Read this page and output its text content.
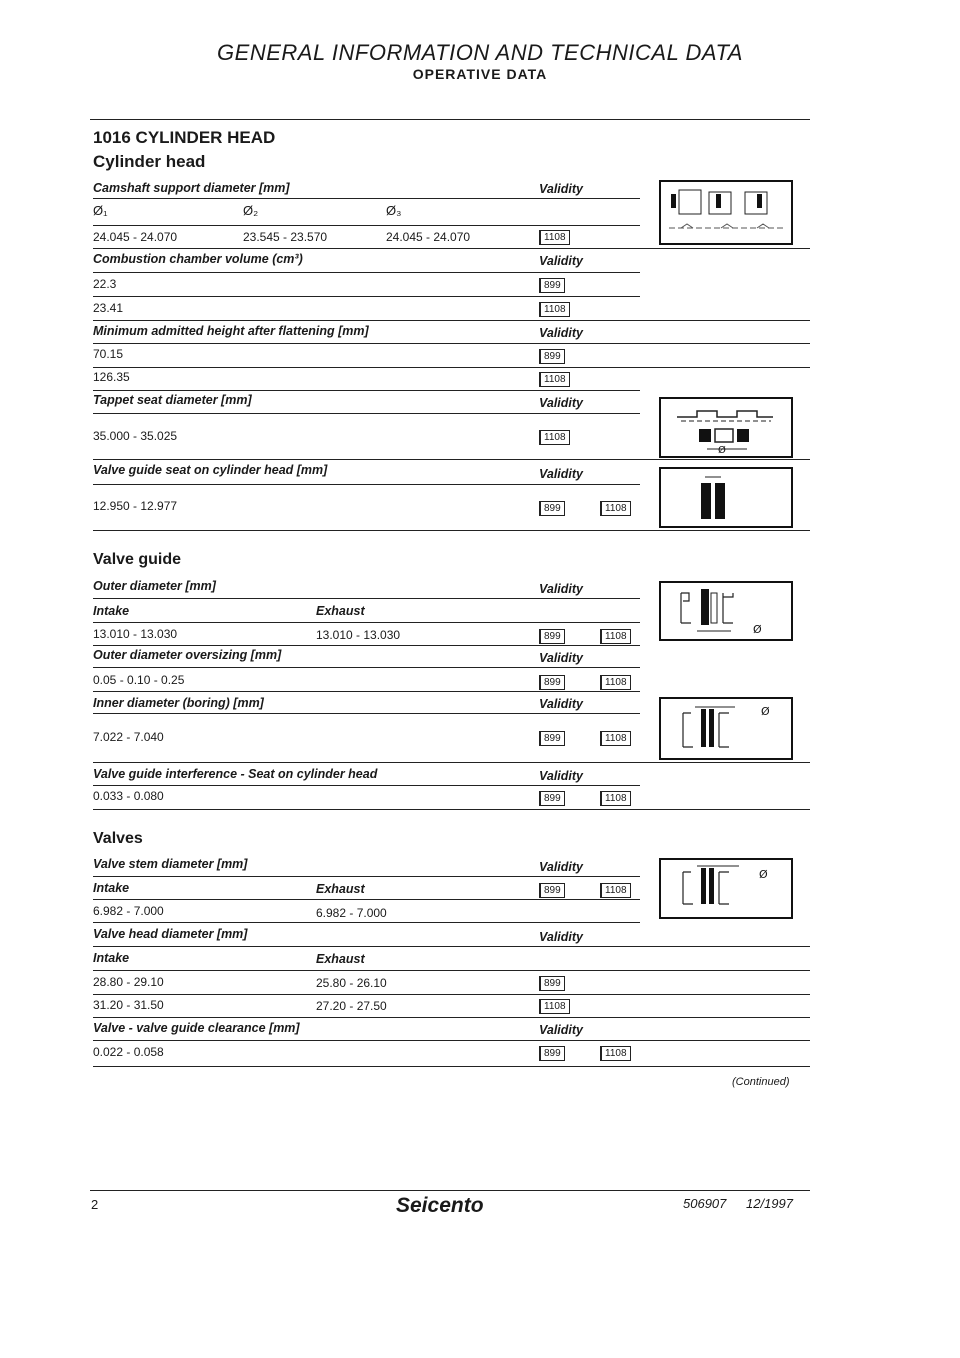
GENERAL INFORMATION AND TECHNICAL DATA
OPERATIVE DATA
1016 CYLINDER HEAD
Cylinder head
Camshaft support diameter [mm]	Validity
Ø₁	Ø₂	Ø₃
24.045 - 24.070	23.545 - 23.570	24.045 - 24.070	1108
Combustion chamber volume (cm³)	Validity
22.3	899
23.41	1108
Minimum admitted height after flattening [mm]	Validity
70.15	899
126.35	1108
Tappet seat diameter [mm]	Validity
35.000 - 35.025	1108
Ø
Valve guide seat on cylinder head [mm]	Validity
12.950 - 12.977	899	1108
Valve guide
Outer diameter [mm]	Validity
Intake	Exhaust
13.010 - 13.030	13.010 - 13.030	899	1108
Ø
Outer diameter oversizing [mm]	Validity
0.05 - 0.10 - 0.25	899	1108
Inner diameter (boring) [mm]	Validity
7.022 - 7.040	899	1108
Ø
Valve guide interference - Seat on cylinder head	Validity
0.033 - 0.080	899	1108
Valves
Valve stem diameter [mm]	Validity
Intake	Exhaust	899	1108
6.982 - 7.000	6.982 - 7.000
Ø
Valve head diameter [mm]	Validity
Intake	Exhaust
28.80 - 29.10	25.80 - 26.10	899
31.20 - 31.50	27.20 - 27.50	1108
Valve - valve guide clearance [mm]	Validity
0.022 - 0.058	899	1108
(Continued)
2	Seicento	506907 12/1997
